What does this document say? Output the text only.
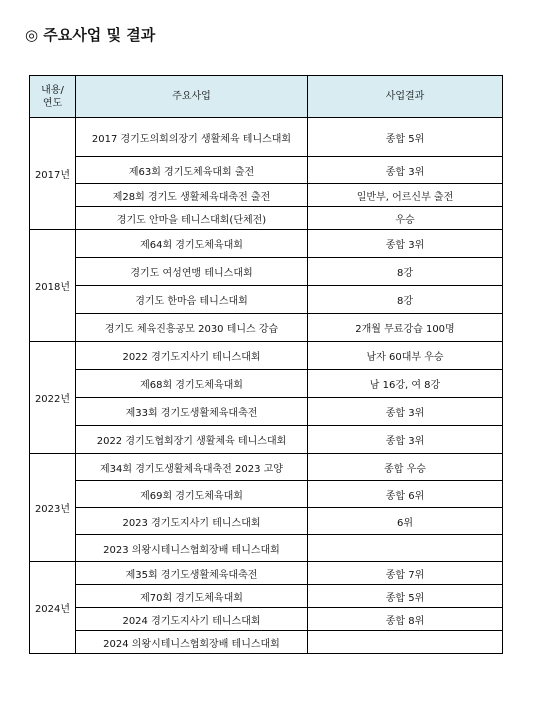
◎ 주요사업 및 결과
내용/
연도	주요사업	사업결과
2017년	2017 경기도의회의장기 생활체육 테니스대회	종합 5위
	제63회 경기도체육대회 출전	종합 3위
	제28회 경기도 생활체육대축전 출전	일반부, 어르신부 출전
	경기도 안마을 테니스대회(단체전)	우승
2018년	제64회 경기도체육대회	종합 3위
	경기도 여성연맹 테니스대회	8강
	경기도 한마음 테니스대회	8강
	경기도 체육진흥공모 2030 테니스 강습	2개월 무료강습 100명
2022년	2022 경기도지사기 테니스대회	남자 60대부 우승
	제68회 경기도체육대회	남 16강, 여 8강
	제33회 경기도생활체육대축전	종합 3위
	2022 경기도협회장기 생활체육 테니스대회	종합 3위
2023년	제34회 경기도생활체육대축전 2023 고양	종합 우승
	제69회 경기도체육대회	종합 6위
	2023 경기도지사기 테니스대회	6위
	2023 의왕시테니스협회장배 테니스대회	
2024년	제35회 경기도생활체육대축전	종합 7위
	제70회 경기도체육대회	종합 5위
	2024 경기도지사기 테니스대회	종합 8위
	2024 의왕시테니스협회장배 테니스대회	
